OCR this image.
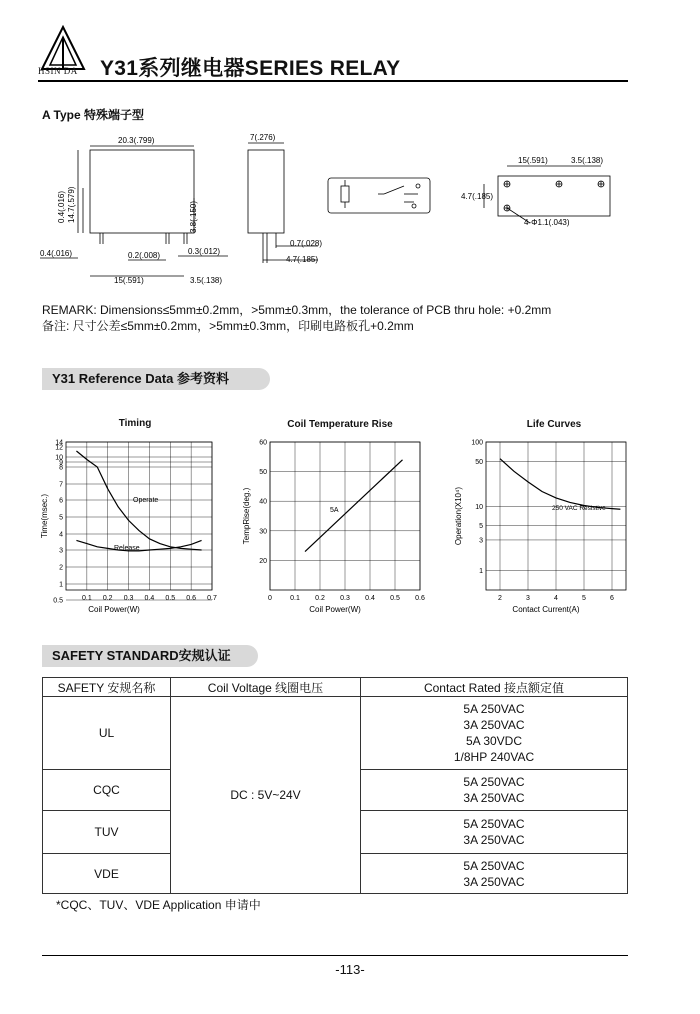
HSIN DA Y31系列继电器SERIES RELAY
A Type 特殊端子型
20.3(.799)
0.4(.016) 14.7(.579)	3.8(.150)
0.4(.016)	0.2(.008)	0.3(.012)
15(.591)	3.5(.138)
7(.276)
0.7(.028)
4.7(.185)
15(.591)	3.5(.138)
4.7(.185)
4-Φ1.1(.043)
REMARK: Dimensions≤5mm±0.2mm，>5mm±0.3mm，the tolerance of PCB thru hole: +0.2mm
备注: 尺寸公差≤5mm±0.2mm，>5mm±0.3mm，印刷电路板孔+0.2mm
Y31 Reference Data 参考资料
Timing	Coil Temperature Rise	Life Curves
0.1 0.2 0.3 0.4 0.5 0.6 0.7
0.5
1
2
3
4
5
6
7
8
9
10
12
14
Coil Power(W)
Time(msec.)	Operate
Release
0	0.1 0.2 0.3 0.4 0.5 0.6
20
30
40
50
60
Coil Power(W)
TempRise(deg.)	5A
2	3	4	5	6
1
3
5
10
50
100
Contact Current(A)
Operation(X10⁴)	250 VAC Resistive
SAFETY STANDARD安规认证
SAFETY 安规名称	Coil Voltage 线圈电压	Contact Rated 接点额定值
UL	DC : 5V~24V	5A 250VAC
3A 250VAC
5A 30VDC
1/8HP 240VAC

CQC		5A 250VAC
3A 250VAC

TUV		5A 250VAC
3A 250VAC

VDE		5A 250VAC
3A 250VAC
*CQC、TUV、VDE Application 申请中
-113-
